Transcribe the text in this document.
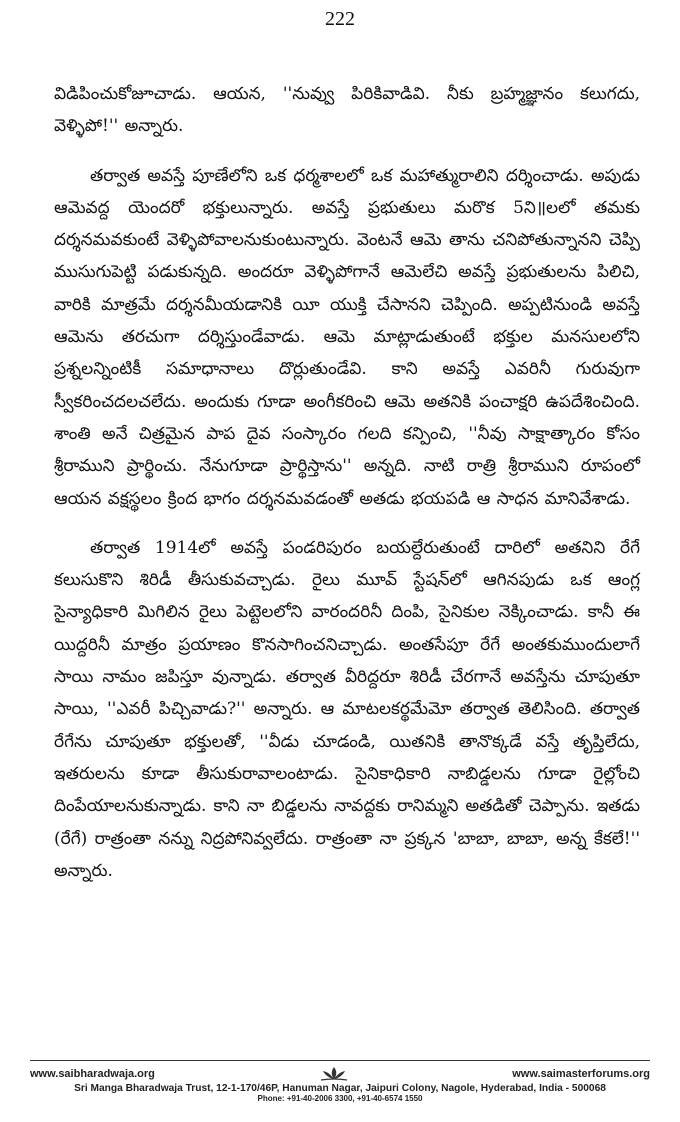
222

విడిపించుకోజూచాడు. ఆయన, ''నువ్వు పిరికివాడివి. నీకు బ్రహ్మజ్ఞానం కలుగదు, వెళ్ళిపో!'' అన్నారు.

తర్వాత అవస్తే పూణేలోని ఒక ధర్మశాలలో ఒక మహాత్మురాలిని దర్శించాడు. అపుడు ఆమెవద్ద యెందరో భక్తులున్నారు. అవస్తే ప్రభుతులు మరొక 5ని॥లలో తమకు దర్శనమవకుంటే వెళ్ళిపోవాలనుకుంటున్నారు. వెంటనే ఆమె తాను చనిపోతున్నానని చెప్పి ముసుగుపెట్టి పడుకున్నది. అందరూ వెళ్ళిపోగానే ఆమెలేచి అవస్తే ప్రభుతులను పిలిచి, వారికి మాత్రమే దర్శనమీయడానికి యీ యుక్తి చేసానని చెప్పింది. అప్పటినుండి అవస్తే ఆమెను తరచుగా దర్శిస్తుండేవాడు. ఆమె మాట్లాడుతుంటే భక్తుల మనసులలోని ప్రశ్నలన్నింటికీ సమాధానాలు దొర్లుతుండేవి. కాని అవస్తే ఎవరినీ గురువుగా స్వీకరించదలచలేదు. అందుకు గూడా అంగీకరించి ఆమె అతనికి పంచాక్షరి ఉపదేశించింది. శాంతి అనే చిత్రమైన పాప దైవ సంస్కారం గలది కన్పించి, ''నీవు సాక్షాత్కారం కోసం శ్రీరాముని ప్రార్థించు. నేనుగూడా ప్రార్థిస్తాను'' అన్నది. నాటి రాత్రి శ్రీరాముని రూపంలో ఆయన వక్షస్థలం క్రింద భాగం దర్శనమవడంతో అతడు భయపడి ఆ సాధన మానివేశాడు.

తర్వాత 1914లో అవస్తే పండరిపురం బయల్దేరుతుంటే దారిలో అతనిని రేగే కలుసుకొని శిరిడీ తీసుకువచ్చాడు. రైలు మూవ్ స్టేషన్‌లో ఆగినపుడు ఒక ఆంగ్ల సైన్యాధికారి మిగిలిన రైలు పెట్టెలలోని వారందరినీ దింపి, సైనికుల నెక్కించాడు. కానీ ఈ యిద్దరినీ మాత్రం ప్రయాణం కొనసాగించనిచ్చాడు. అంతసేపూ రేగే అంతకుముందులాగే సాయి నామం జపిస్తూ వున్నాడు. తర్వాత వీరిద్దరూ శిరిడీ చేరగానే అవస్తేను చూపుతూ సాయి, ''ఎవరీ పిచ్చివాడు?'' అన్నారు. ఆ మాటలకర్థమేమో తర్వాత తెలిసింది. తర్వాత రేగేను చూపుతూ భక్తులతో, ''వీడు చూడండి, యితనికి తానొక్కడే వస్తే తృప్తిలేదు, ఇతరులను కూడా తీసుకురావాలంటాడు. సైనికాధికారి నాబిడ్డలను గూడా రైల్లోంచి దింపేయాలనుకున్నాడు. కాని నా బిడ్డలను నావద్దకు రానిమ్మని అతడితో చెప్పాను. ఇతడు (రేగే) రాత్రంతా నన్ను నిద్రపోనివ్వలేదు. రాత్రంతా నా ప్రక్కన 'బాబా, బాబా, అన్న కేకలే!'' అన్నారు.

www.saibharadwaja.org	www.saimasterforums.org
Sri Manga Bharadwaja Trust, 12-1-170/46P, Hanuman Nagar, Jaipuri Colony, Nagole, Hyderabad, India - 500068
Phone: +91-40-2006 3300, +91-40-6574 1550
